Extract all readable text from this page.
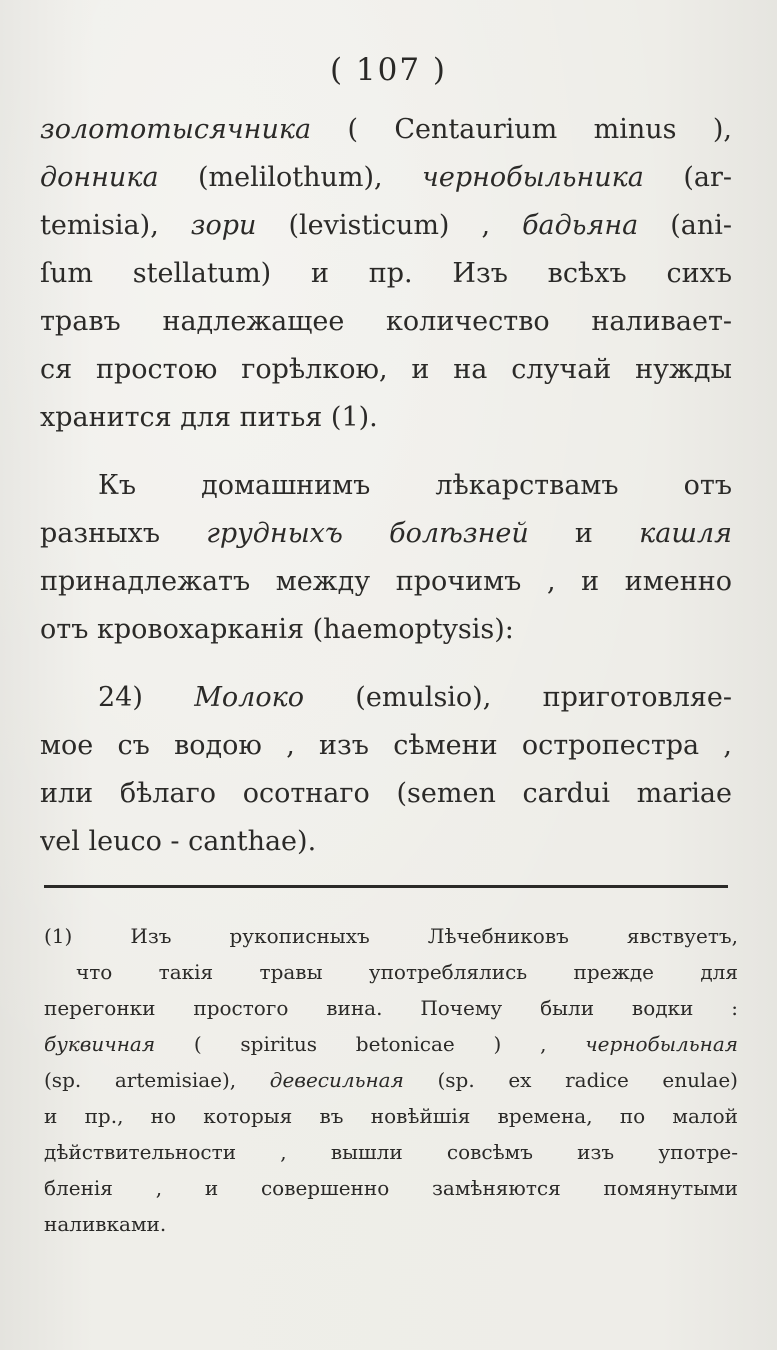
( 107 )
золототысячника ( Centaurium minus ),
донника (melilothum), чернобыльника (ar-
temisia), зори (levisticum) , бадьяна (ani-
ſum stellatum) и пр. Изъ всѣхъ сихъ
травъ надлежащее количество наливает-
ся простою горѣлкою, и на случай нужды
хранится для питья (1).
Къ домашнимъ лѣкарствамъ отъ
разныхъ грудныхъ болѣзней и кашля
принадлежатъ между прочимъ , и именно
отъ кровохарканія (haemoptysis):
24) Молоко (emulsio), приготовляе-
мое съ водою , изъ сѣмени остропестра ,
или бѣлаго осотнаго (semen cardui mariae
vel leuco - canthae).
(1) Изъ рукописныхъ Лѣчебниковъ явствуетъ,
что такія травы употреблялись прежде для
перегонки простого вина. Почему были водки :
буквичная ( spiritus betonicae ) , чернобыльная
(sp. artemisiae), девесильная (sp. ex radice enulae)
и пр., но которыя въ новѣйшія времена, по малой
дѣйствительности , вышли совсѣмъ изъ употре-
бленія , и совершенно замѣняются помянутыми
наливками.
